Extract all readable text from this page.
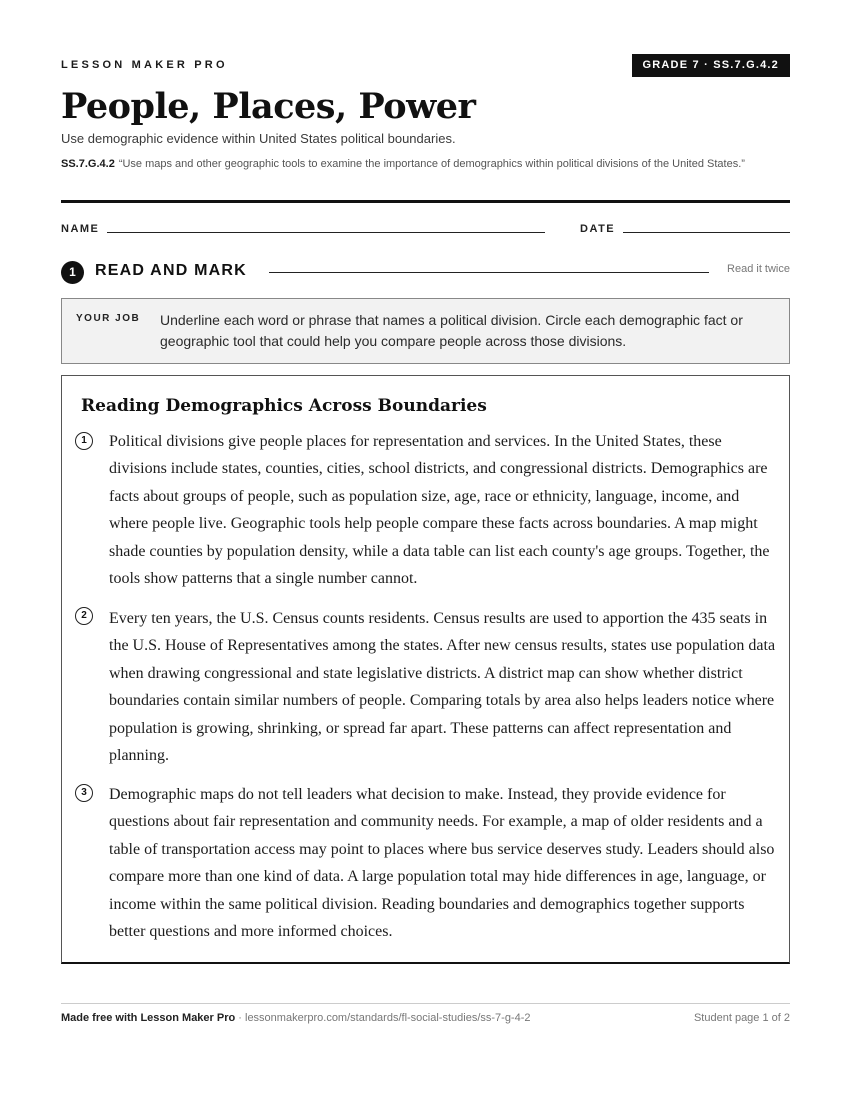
LESSON MAKER PRO	GRADE 7 · SS.7.G.4.2
People, Places, Power
Use demographic evidence within United States political boundaries.
SS.7.G.4.2 “Use maps and other geographic tools to examine the importance of demographics within political divisions of the United States.”
NAME	DATE
1	READ AND MARK	Read it twice
YOUR JOB Underline each word or phrase that names a political division. Circle each demographic fact or geographic tool that could help you compare people across those divisions.
Reading Demographics Across Boundaries
1	Political divisions give people places for representation and services. In the United States, these divisions include states, counties, cities, school districts, and congressional districts. Demographics are facts about groups of people, such as population size, age, race or ethnicity, language, income, and where people live. Geographic tools help people compare these facts across boundaries. A map might shade counties by population density, while a data table can list each county's age groups. Together, the tools show patterns that a single number cannot.
2	Every ten years, the U.S. Census counts residents. Census results are used to apportion the 435 seats in the U.S. House of Representatives among the states. After new census results, states use population data when drawing congressional and state legislative districts. A district map can show whether district boundaries contain similar numbers of people. Comparing totals by area also helps leaders notice where population is growing, shrinking, or spread far apart. These patterns can affect representation and planning.
3	Demographic maps do not tell leaders what decision to make. Instead, they provide evidence for questions about fair representation and community needs. For example, a map of older residents and a table of transportation access may point to places where bus service deserves study. Leaders should also compare more than one kind of data. A large population total may hide differences in age, language, or income within the same political division. Reading boundaries and demographics together supports better questions and more informed choices.
Made free with Lesson Maker Pro · lessonmakerpro.com/standards/fl-social-studies/ss-7-g-4-2	Student page 1 of 2
